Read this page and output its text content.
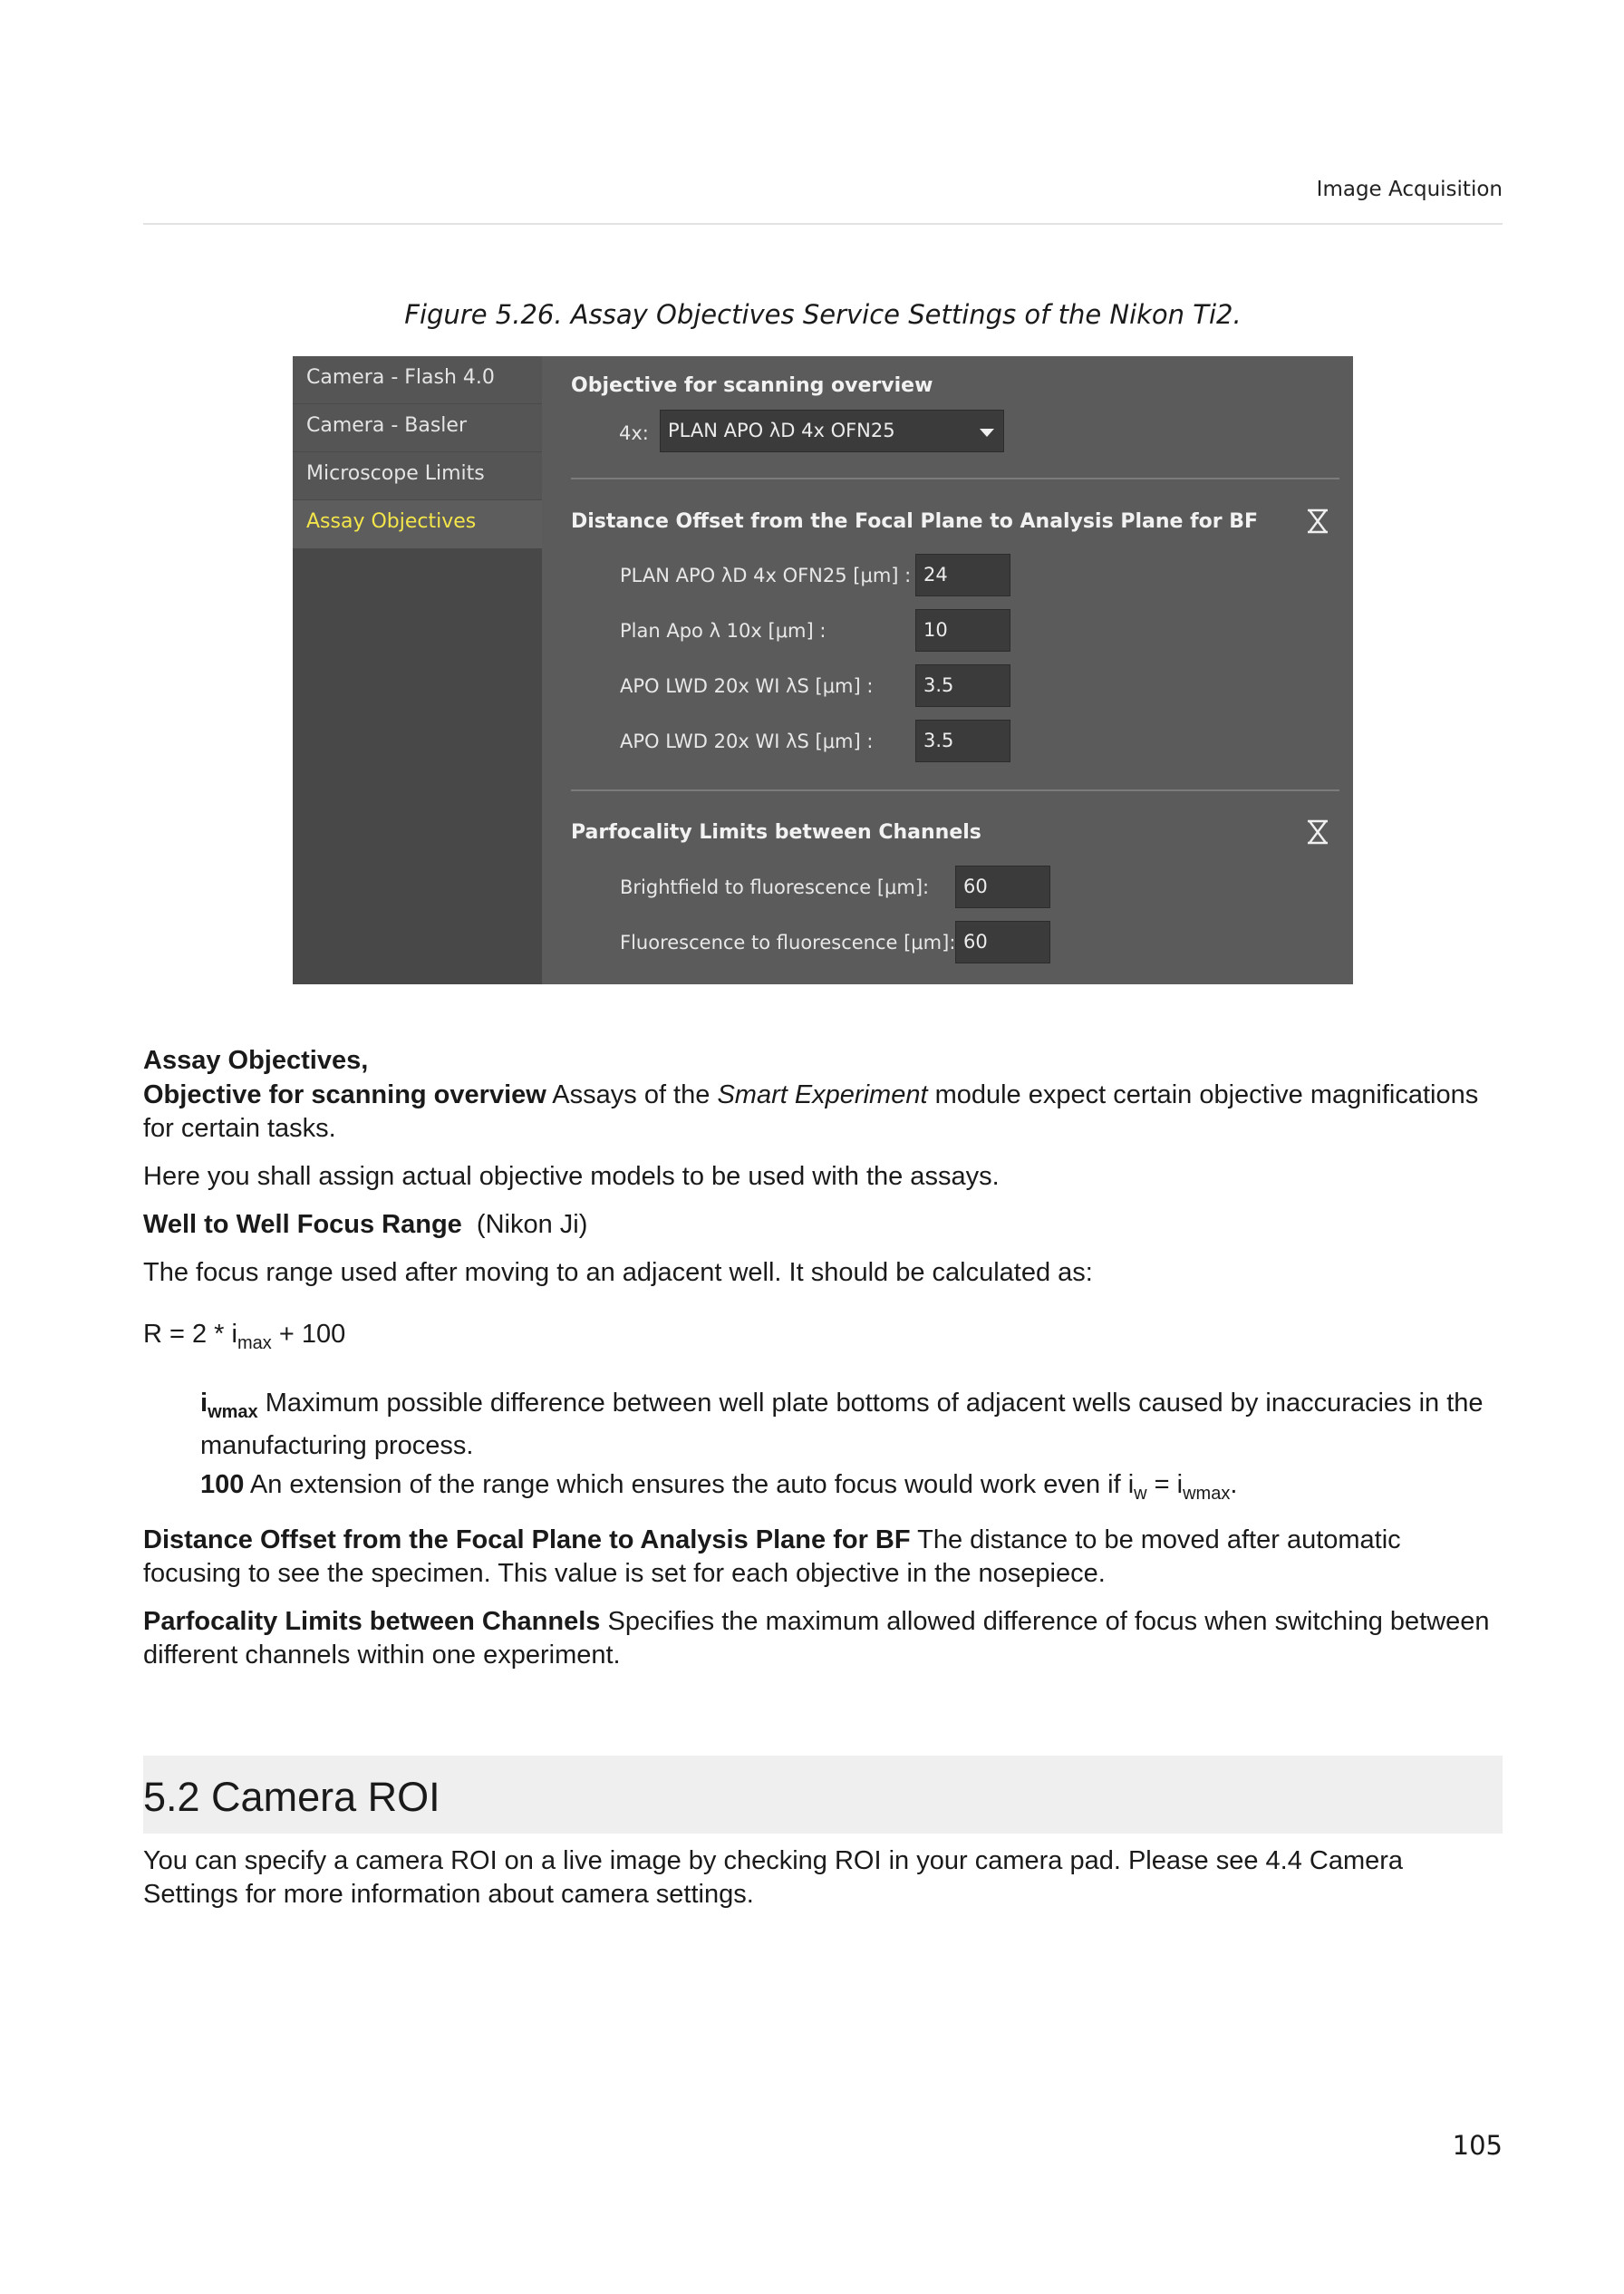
Image Acquisition
Figure 5.26. Assay Objectives Service Settings of the Nikon Ti2.
Camera - Flash 4.0
Camera - Basler
Microscope Limits
Assay Objectives
Objective for scanning overview
4x:	PLAN APO λD 4x OFN25
Distance Offset from the Focal Plane to Analysis Plane for BF
PLAN APO λD 4x OFN25 [μm] : 24
Plan Apo λ 10x [μm] :	10
APO LWD 20x WI λS [μm] :	3.5
APO LWD 20x WI λS [μm] :	3.5
Parfocality Limits between Channels
Brightfield to fluorescence [μm]:	60
Fluorescence to fluorescence [μm]: 60
Assay Objectives,
Objective for scanning overview Assays of the Smart Experiment module expect certain objective magnifications for certain tasks.
Here you shall assign actual objective models to be used with the assays.
Well to Well Focus Range  (Nikon Ji)
The focus range used after moving to an adjacent well. It should be calculated as:
$R = 2 * i_{max} + 100$
$i_{wmax}$ Maximum possible difference between well plate bottoms of adjacent wells caused by inaccuracies in the manufacturing process.
100 An extension of the range which ensures the auto focus would work even if $i_w = i_{wmax}$.
Distance Offset from the Focal Plane to Analysis Plane for BF The distance to be moved after automatic focusing to see the specimen. This value is set for each objective in the nosepiece.
Parfocality Limits between Channels Specifies the maximum allowed difference of focus when switching between different channels within one experiment.
5.2 Camera ROI
You can specify a camera ROI on a live image by checking ROI in your camera pad. Please see 4.4 Camera Settings for more information about camera settings.
105
